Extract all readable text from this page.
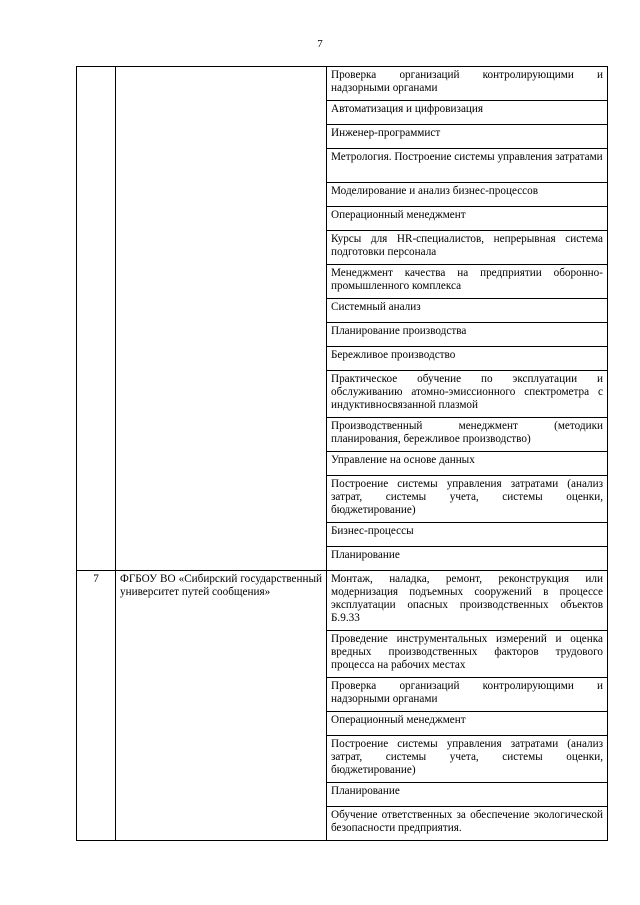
7
		Проверка организаций контролирующими и надзорными органами
		Автоматизация и цифровизация
		Инженер-программист
		Метрология. Построение системы управления затратами
		Моделирование и анализ бизнес-процессов
		Операционный менеджмент
		Курсы для HR-специалистов, непрерывная система подготовки персонала
		Менеджмент качества на предприятии оборонно-промышленного комплекса
		Системный анализ
		Планирование производства
		Бережливое производство
		Практическое обучение по эксплуатации и обслуживанию атомно-эмиссионного спектрометра с индуктивносвязанной плазмой
		Производственный менеджмент (методики планирования, бережливое производство)
		Управление на основе данных
		Построение системы управления затратами (анализ затрат, системы учета, системы оценки, бюджетирование)
		Бизнес-процессы
		Планирование
7	ФГБОУ ВО «Сибирский государственный университет путей сообщения»	Монтаж, наладка, ремонт, реконструкция или модернизация подъемных сооружений в процессе эксплуатации опасных производственных объектов Б.9.33
		Проведение инструментальных измерений и оценка вредных производственных факторов трудового процесса на рабочих местах
		Проверка организаций контролирующими и надзорными органами
		Операционный менеджмент
		Построение системы управления затратами (анализ затрат, системы учета, системы оценки, бюджетирование)
		Планирование
		Обучение ответственных за обеспечение экологической безопасности предприятия.
